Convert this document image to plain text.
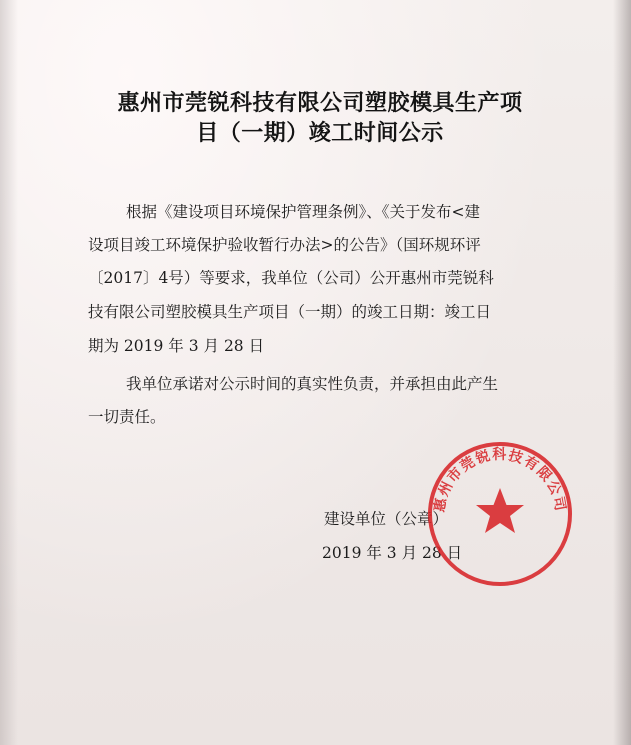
惠州市莞锐科技有限公司塑胶模具生产项
目（一期）竣工时间公示

根据《建设项目环境保护管理条例》、《关于发布<建

设项目竣工环境保护验收暂行办法>的公告》（国环规环评

〔2017〕4号）等要求，我单位（公司）公开惠州市莞锐科

技有限公司塑胶模具生产项目（一期）的竣工日期：竣工日

期为 2019 年 3 月 28 日

我单位承诺对公示时间的真实性负责，并承担由此产生

一切责任。

建设单位（公章）

2019 年 3 月 28 日

惠州市莞锐科技有限公司
